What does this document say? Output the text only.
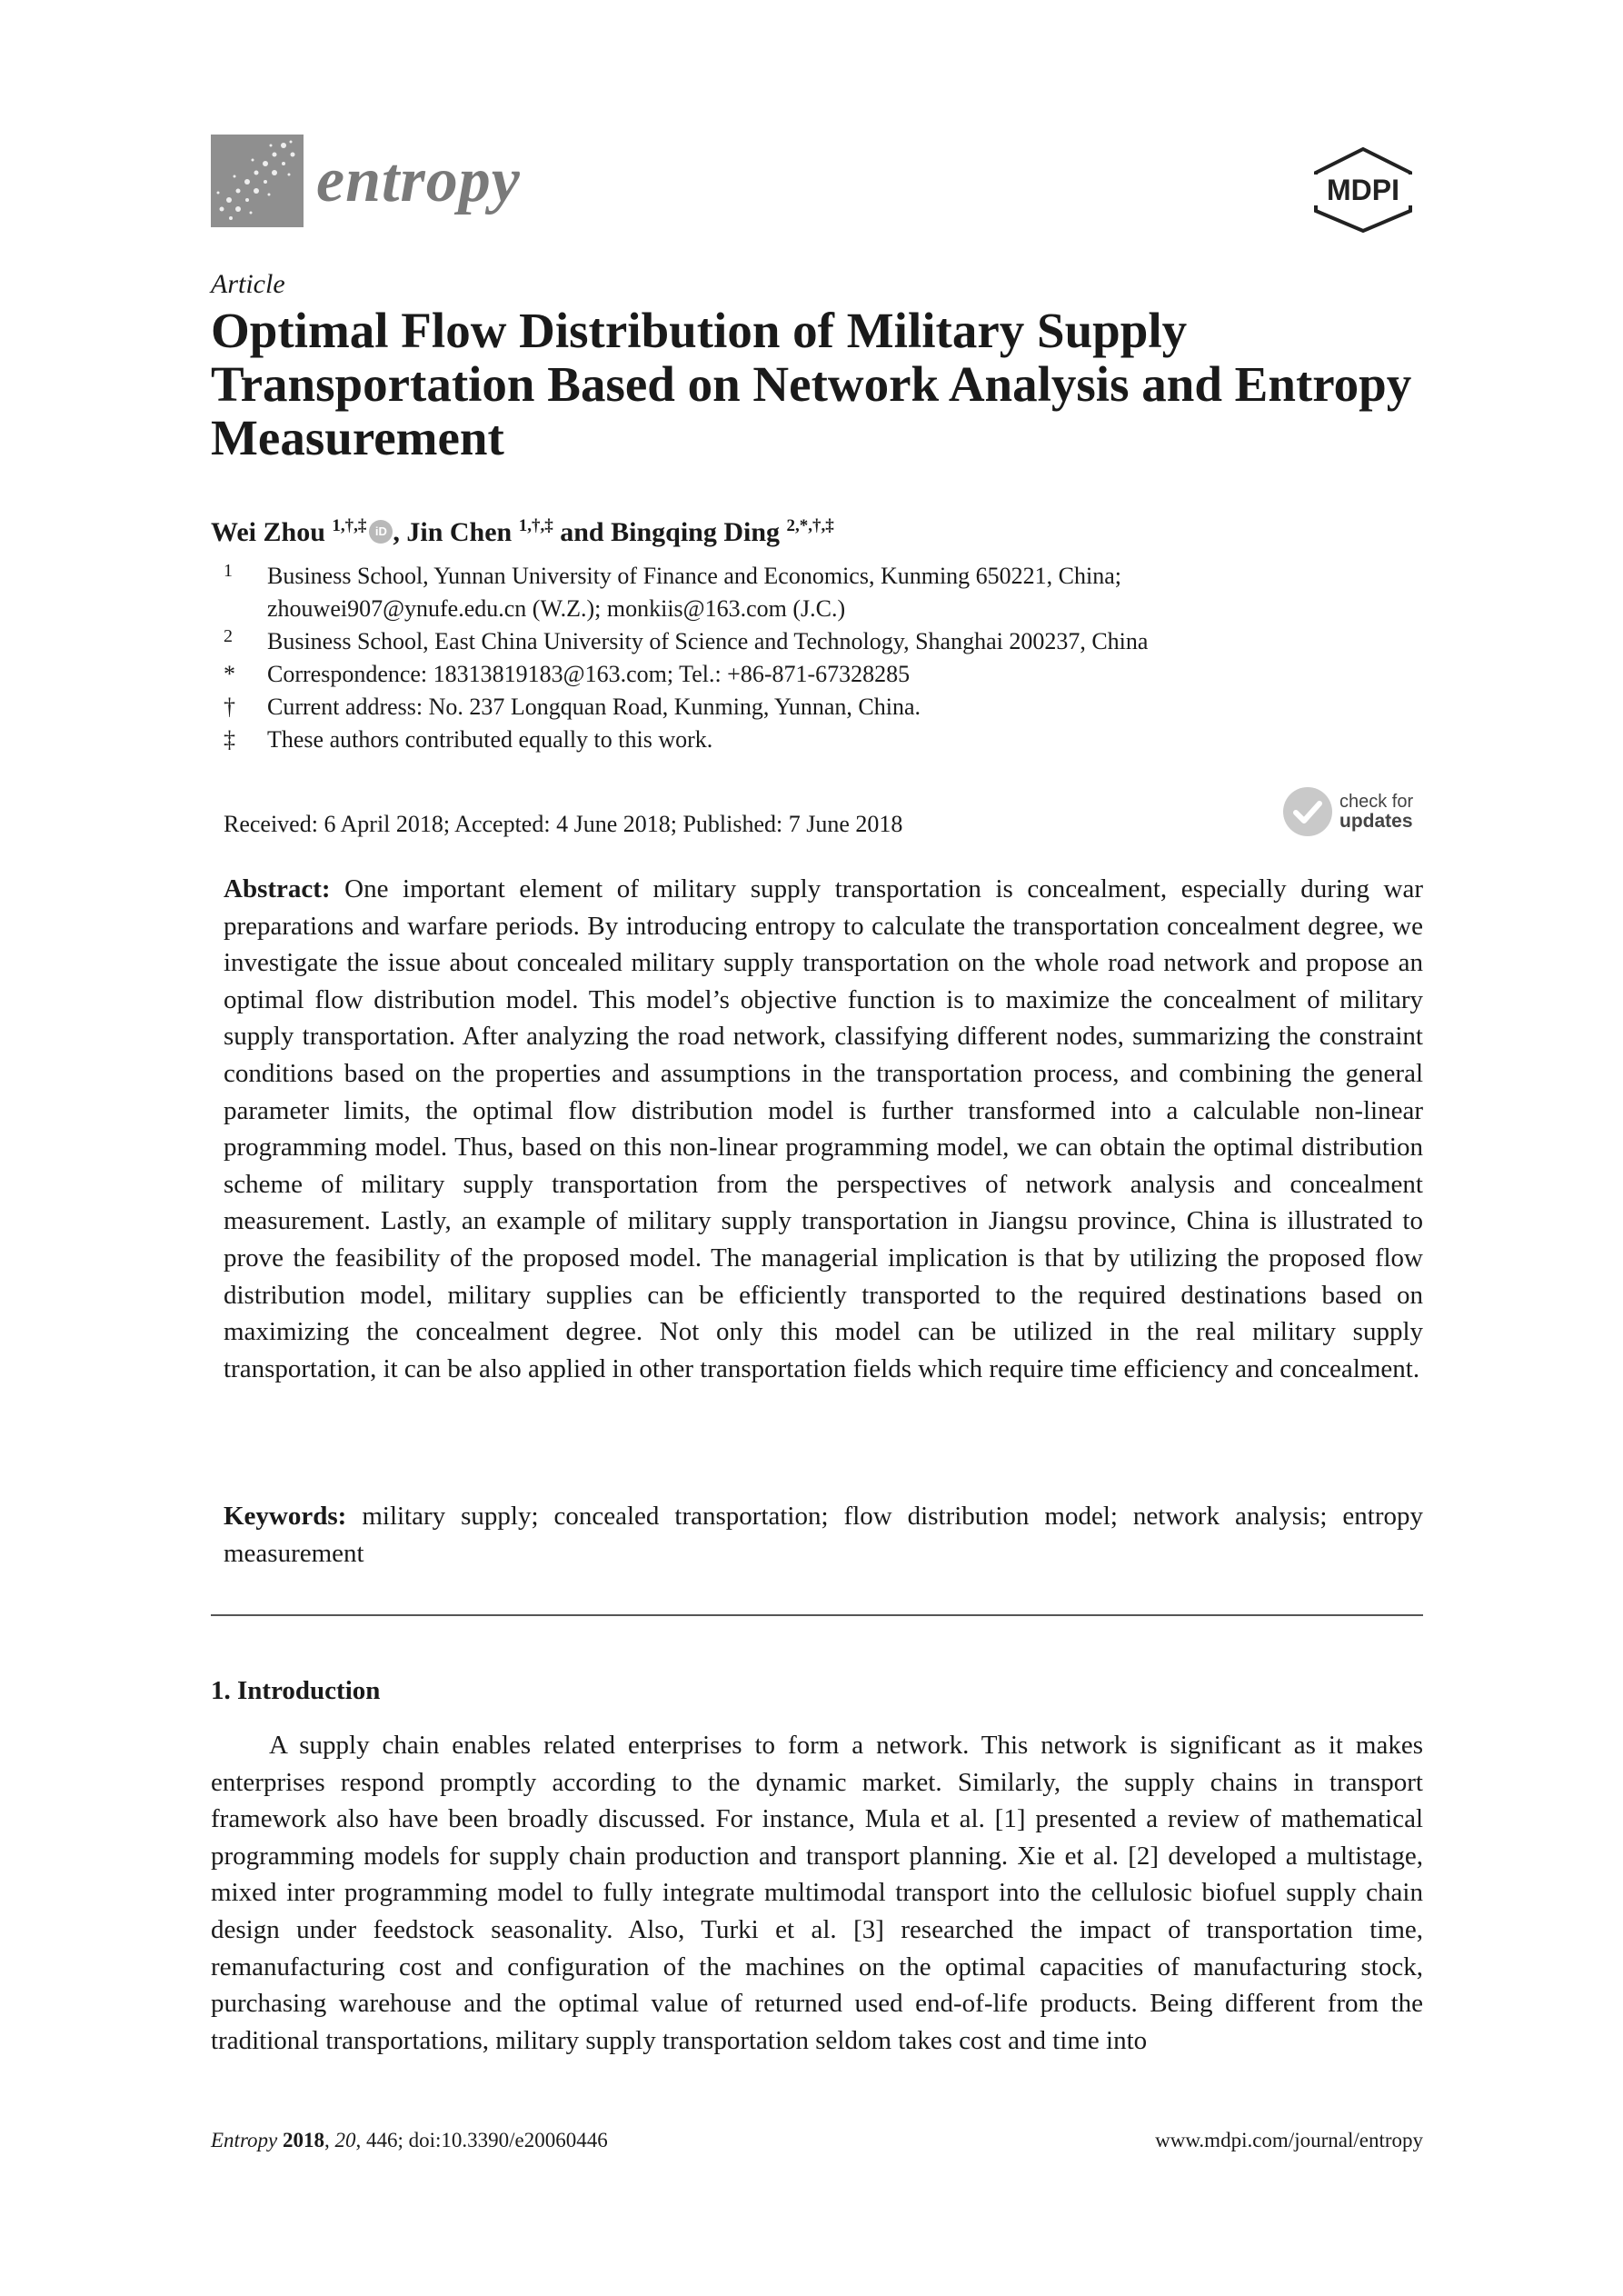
entropy	MDPI
Article
Optimal Flow Distribution of Military Supply Transportation Based on Network Analysis and Entropy Measurement
Wei Zhou $^{1,\dagger,\ddagger}$ iD , Jin Chen $^{1,\dagger,\ddagger}$ and Bingqing Ding $^{2,*,\dagger,\ddagger}$
1	Business School, Yunnan University of Finance and Economics, Kunming 650221, China;
zhouwei907@ynufe.edu.cn (W.Z.); monkiis@163.com (J.C.)
2	Business School, East China University of Science and Technology, Shanghai 200237, China
*	Correspondence: 18313819183@163.com; Tel.: +86-871-67328285
†	Current address: No. 237 Longquan Road, Kunming, Yunnan, China.
‡	These authors contributed equally to this work.
Received: 6 April 2018; Accepted: 4 June 2018; Published: 7 June 2018
check for
updates
Abstract: One important element of military supply transportation is concealment, especially during war preparations and warfare periods. By introducing entropy to calculate the transportation concealment degree, we investigate the issue about concealed military supply transportation on the whole road network and propose an optimal flow distribution model. This model’s objective function is to maximize the concealment of military supply transportation. After analyzing the road network, classifying different nodes, summarizing the constraint conditions based on the properties and assumptions in the transportation process, and combining the general parameter limits, the optimal flow distribution model is further transformed into a calculable non-linear programming model. Thus, based on this non-linear programming model, we can obtain the optimal distribution scheme of military supply transportation from the perspectives of network analysis and concealment measurement. Lastly, an example of military supply transportation in Jiangsu province, China is illustrated to prove the feasibility of the proposed model. The managerial implication is that by utilizing the proposed flow distribution model, military supplies can be efficiently transported to the required destinations based on maximizing the concealment degree. Not only this model can be utilized in the real military supply transportation, it can be also applied in other transportation fields which require time efficiency and concealment.
Keywords: military supply; concealed transportation; flow distribution model; network analysis; entropy measurement
1. Introduction
A supply chain enables related enterprises to form a network. This network is significant as it makes enterprises respond promptly according to the dynamic market. Similarly, the supply chains in transport framework also have been broadly discussed. For instance, Mula et al. [1] presented a review of mathematical programming models for supply chain production and transport planning. Xie et al. [2] developed a multistage, mixed inter programming model to fully integrate multimodal transport into the cellulosic biofuel supply chain design under feedstock seasonality. Also, Turki et al. [3] researched the impact of transportation time, remanufacturing cost and configuration of the machines on the optimal capacities of manufacturing stock, purchasing warehouse and the optimal value of returned used end-of-life products. Being different from the traditional transportations, military supply transportation seldom takes cost and time into
Entropy 2018, 20, 446; doi:10.3390/e20060446	www.mdpi.com/journal/entropy
